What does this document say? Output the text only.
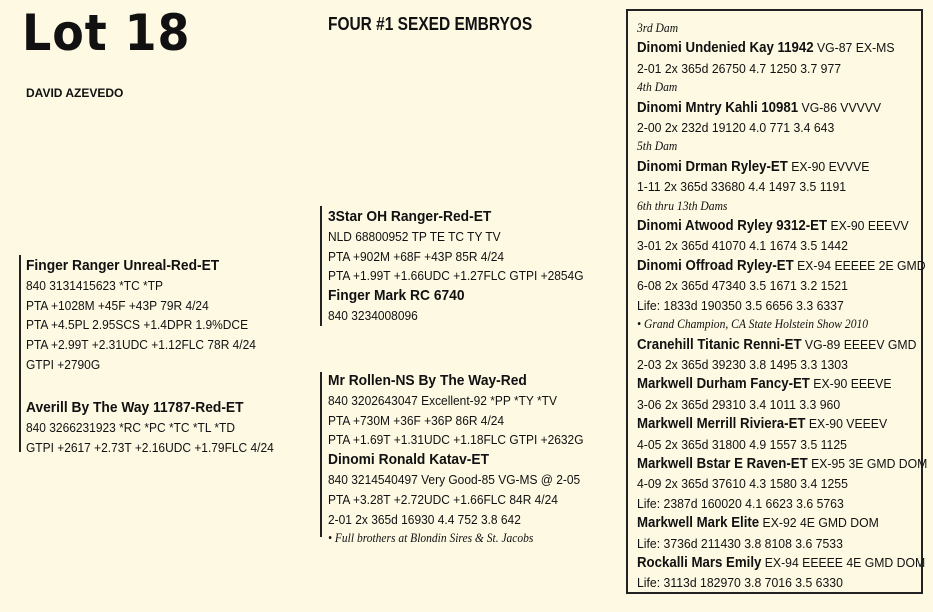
Lot 18
DAVID AZEVEDO
FOUR #1 SEXED EMBRYOS
Finger Ranger Unreal-Red-ET
840 3131415623 *TC *TP
PTA +1028M +45F +43P 79R 4/24
PTA +4.5PL 2.95SCS +1.4DPR 1.9%DCE
PTA +2.99T +2.31UDC +1.12FLC 78R 4/24
GTPI +2790G
Averill By The Way 11787-Red-ET
840 3266231923 *RC *PC *TC *TL *TD
GTPI +2617 +2.73T +2.16UDC +1.79FLC 4/24
3Star OH Ranger-Red-ET
NLD 68800952 TP TE TC TY TV
PTA +902M +68F +43P 85R 4/24
PTA +1.99T +1.66UDC +1.27FLC GTPI +2854G
Finger Mark RC 6740
840 3234008096
Mr Rollen-NS By The Way-Red
840 3202643047 Excellent-92 *PP *TY *TV
PTA +730M +36F +36P 86R 4/24
PTA +1.69T +1.31UDC +1.18FLC GTPI +2632G
Dinomi Ronald Katav-ET
840 3214540497 Very Good-85 VG-MS @ 2-05
PTA +3.28T +2.72UDC +1.66FLC 84R 4/24
2-01 2x 365d 16930 4.4 752 3.8 642
• Full brothers at Blondin Sires & St. Jacobs
3rd Dam
Dinomi Undenied Kay 11942 VG-87 EX-MS
2-01 2x 365d 26750 4.7 1250 3.7 977
4th Dam
Dinomi Mntry Kahli 10981 VG-86 VVVVV
2-00 2x 232d 19120 4.0 771 3.4 643
5th Dam
Dinomi Drman Ryley-ET EX-90 EVVVE
1-11 2x 365d 33680 4.4 1497 3.5 1191
6th thru 13th Dams
Dinomi Atwood Ryley 9312-ET EX-90 EEEVV
3-01 2x 365d 41070 4.1 1674 3.5 1442
Dinomi Offroad Ryley-ET EX-94 EEEEE 2E GMD
6-08 2x 365d 47340 3.5 1671 3.2 1521
Life: 1833d 190350 3.5 6656 3.3 6337
• Grand Champion, CA State Holstein Show 2010
Cranehill Titanic Renni-ET VG-89 EEEEV GMD
2-03 2x 365d 39230 3.8 1495 3.3 1303
Markwell Durham Fancy-ET EX-90 EEEVE
3-06 2x 365d 29310 3.4 1011 3.3 960
Markwell Merrill Riviera-ET EX-90 VEEEV
4-05 2x 365d 31800 4.9 1557 3.5 1125
Markwell Bstar E Raven-ET EX-95 3E GMD DOM
4-09 2x 365d 37610 4.3 1580 3.4 1255
Life: 2387d 160020 4.1 6623 3.6 5763
Markwell Mark Elite EX-92 4E GMD DOM
Life: 3736d 211430 3.8 8108 3.6 7533
Rockalli Mars Emily EX-94 EEEEE 4E GMD DOM
Life: 3113d 182970 3.8 7016 3.5 6330
